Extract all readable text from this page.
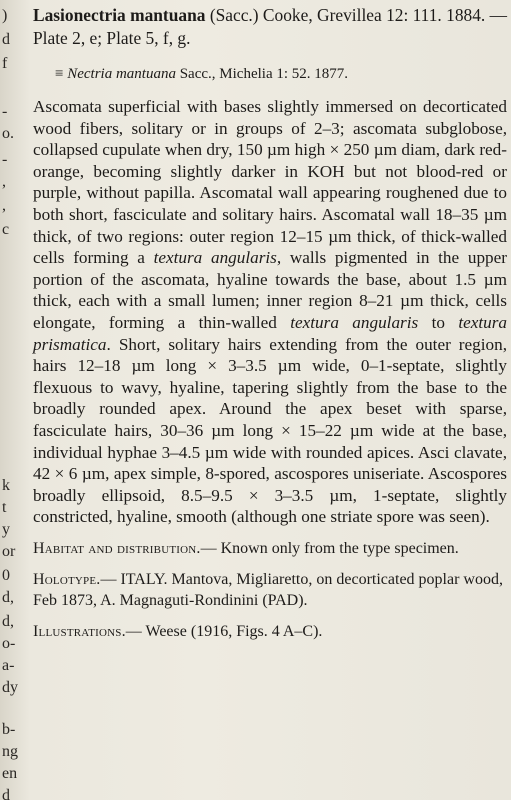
)
d
f
-
o.
-
,
,
c
k
t
y
or
0
d,
d,
o-
a-
dy
b-
ng
en
d

Lasionectria mantuana (Sacc.) Cooke, Grevillea 12: 111. 1884. — Plate 2, e; Plate 5, f, g.

≡ Nectria mantuana Sacc., Michelia 1: 52. 1877.

Ascomata superficial with bases slightly immersed on decorticated wood fibers, solitary or in groups of 2–3; ascomata subglobose, collapsed cupulate when dry, 150 µm high × 250 µm diam, dark red-orange, becoming slightly darker in KOH but not blood-red or purple, without papilla. Ascomatal wall appearing roughened due to both short, fasciculate and solitary hairs. Ascomatal wall 18–35 µm thick, of two regions: outer region 12–15 µm thick, of thick-walled cells forming a textura angularis, walls pigmented in the upper portion of the ascomata, hyaline towards the base, about 1.5 µm thick, each with a small lumen; inner region 8–21 µm thick, cells elongate, forming a thin-walled textura angularis to textura prismatica. Short, solitary hairs extending from the outer region, hairs 12–18 µm long × 3–3.5 µm wide, 0–1-septate, slightly flexuous to wavy, hyaline, tapering slightly from the base to the broadly rounded apex. Around the apex beset with sparse, fasciculate hairs, 30–36 µm long × 15–22 µm wide at the base, individual hyphae 3–4.5 µm wide with rounded apices. Asci clavate, 42 × 6 µm, apex simple, 8-spored, ascospores uniseriate. Ascospores broadly ellipsoid, 8.5–9.5 × 3–3.5 µm, 1-septate, slightly constricted, hyaline, smooth (although one striate spore was seen).

Habitat and distribution.— Known only from the type specimen.

Holotype.— ITALY. Mantova, Migliaretto, on decorticated poplar wood, Feb 1873, A. Magnaguti-Rondinini (PAD).

Illustrations.— Weese (1916, Figs. 4 A–C).
